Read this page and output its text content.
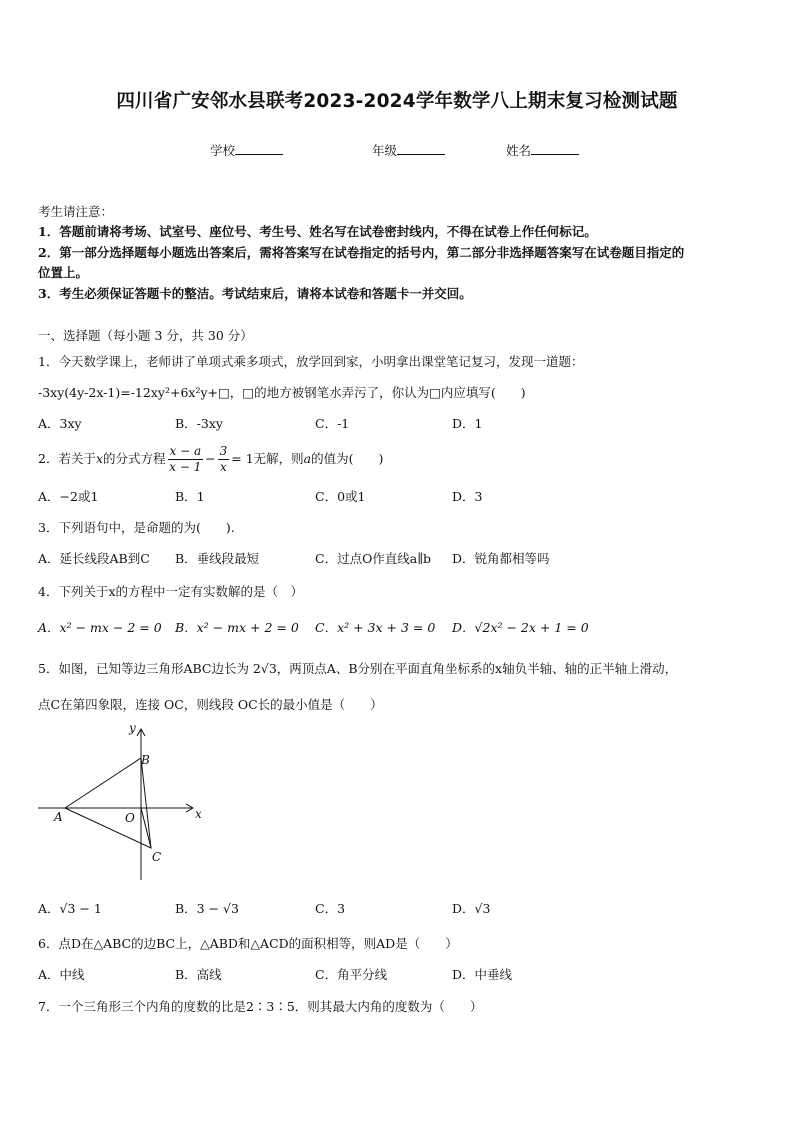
四川省广安邻水县联考2023-2024学年数学八上期末复习检测试题
学校	年级	姓名
考生请注意：
1．答题前请将考场、试室号、座位号、考生号、姓名写在试卷密封线内，不得在试卷上作任何标记。
2．第一部分选择题每小题选出答案后，需将答案写在试卷指定的括号内，第二部分非选择题答案写在试卷题目指定的
位置上。
3．考生必须保证答题卡的整洁。考试结束后，请将本试卷和答题卡一并交回。
一、选择题（每小题 3 分，共 30 分）
1．今天数学课上，老师讲了单项式乘多项式，放学回到家，小明拿出课堂笔记复习，发现一道题：
-3xy(4y-2x-1)=-12xy²+6x²y+□，□的地方被钢笔水弄污了，你认为□内应填写(　　)
A．3xy	B．-3xy	C．-1	D．1
2．若关于x的分式方程 $\frac{x - a}{x - 1} - \frac{3}{x} = 1$无解，则a的值为(　　)
A．−2或1	B．1	C．0或1	D．3
3．下列语句中，是命题的为(　　).
A．延长线段AB到C B．垂线段最短	C．过点O作直线a∥b D．锐角都相等吗
4．下列关于x的方程中一定有实数解的是（　）
A．x² − mx − 2 = 0 B．x² − mx + 2 = 0 C．x² + 3x + 3 = 0 D．√2x² − 2x + 1 = 0
5．如图，已知等边三角形ABC边长为 2√3，两顶点A、B分别在平面直角坐标系的x轴负半轴、轴的正半轴上滑动，
点C在第四象限，连接 OC，则线段 OC长的最小值是（　　）
y
x
A
B
O
C
A．√3 − 1	B．3 − √3	C．3	D．√3
6．点D在△ABC的边BC上，△ABD和△ACD的面积相等，则AD是（　　）
A．中线	B．高线	C．角平分线	D．中垂线
7．一个三角形三个内角的度数的比是2∶3∶5．则其最大内角的度数为（　　）
